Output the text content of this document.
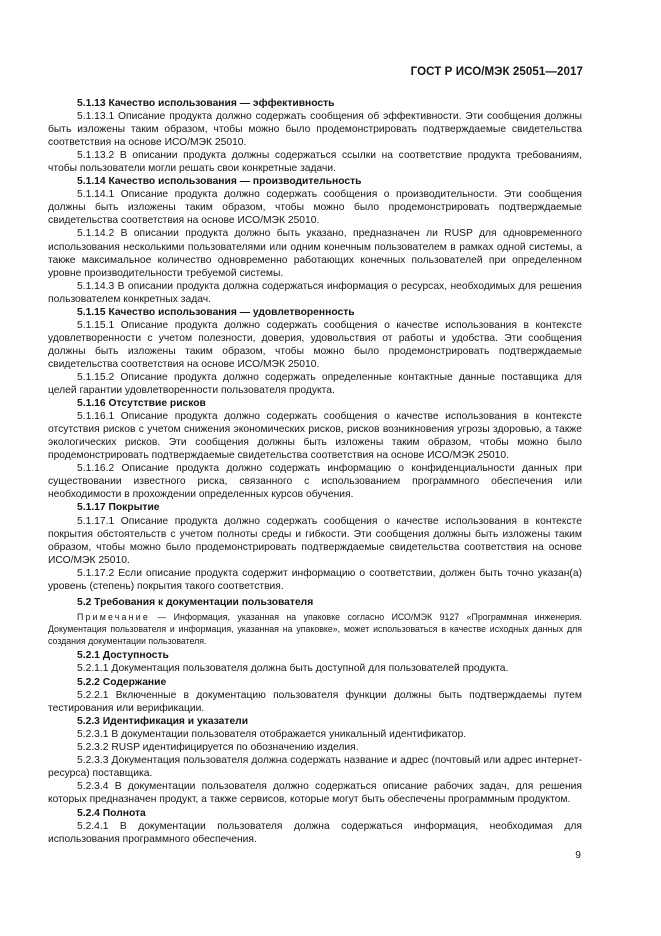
ГОСТ Р ИСО/МЭК 25051—2017
5.1.13 Качество использования — эффективность
5.1.13.1 Описание продукта должно содержать сообщения об эффективности. Эти сообщения должны быть изложены таким образом, чтобы можно было продемонстрировать подтверждаемые свидетельства соответствия на основе ИСО/МЭК 25010.
5.1.13.2 В описании продукта должны содержаться ссылки на соответствие продукта требованиям, чтобы пользователи могли решать свои конкретные задачи.
5.1.14 Качество использования — производительность
5.1.14.1 Описание продукта должно содержать сообщения о производительности. Эти сообщения должны быть изложены таким образом, чтобы можно было продемонстрировать подтверждаемые свидетельства соответствия на основе ИСО/МЭК 25010.
5.1.14.2 В описании продукта должно быть указано, предназначен ли RUSP для одновременного использования несколькими пользователями или одним конечным пользователем в рамках одной системы, а также максимальное количество одновременно работающих конечных пользователей при определенном уровне производительности требуемой системы.
5.1.14.3 В описании продукта должна содержаться информация о ресурсах, необходимых для решения пользователем конкретных задач.
5.1.15 Качество использования — удовлетворенность
5.1.15.1 Описание продукта должно содержать сообщения о качестве использования в контексте удовлетворенности с учетом полезности, доверия, удовольствия от работы и удобства. Эти сообщения должны быть изложены таким образом, чтобы можно было продемонстрировать подтверждаемые свидетельства соответствия на основе ИСО/МЭК 25010.
5.1.15.2 Описание продукта должно содержать определенные контактные данные поставщика для целей гарантии удовлетворенности пользователя продукта.
5.1.16 Отсутствие рисков
5.1.16.1 Описание продукта должно содержать сообщения о качестве использования в контексте отсутствия рисков с учетом снижения экономических рисков, рисков возникновения угрозы здоровью, а также экологических рисков. Эти сообщения должны быть изложены таким образом, чтобы можно было продемонстрировать подтверждаемые свидетельства соответствия на основе ИСО/МЭК 25010.
5.1.16.2 Описание продукта должно содержать информацию о конфиденциальности данных при существовании известного риска, связанного с использованием программного обеспечения или необходимости в прохождении определенных курсов обучения.
5.1.17 Покрытие
5.1.17.1 Описание продукта должно содержать сообщения о качестве использования в контексте покрытия обстоятельств с учетом полноты среды и гибкости. Эти сообщения должны быть изложены таким образом, чтобы можно было продемонстрировать подтверждаемые свидетельства соответствия на основе ИСО/МЭК 25010.
5.1.17.2 Если описание продукта содержит информацию о соответствии, должен быть точно указан(а) уровень (степень) покрытия такого соответствия.
5.2 Требования к документации пользователя
Примечание — Информация, указанная на упаковке согласно ИСО/МЭК 9127 «Программная инженерия. Документация пользователя и информация, указанная на упаковке», может использоваться в качестве исходных данных для создания документации пользователя.
5.2.1 Доступность
5.2.1.1 Документация пользователя должна быть доступной для пользователей продукта.
5.2.2 Содержание
5.2.2.1 Включенные в документацию пользователя функции должны быть подтверждаемы путем тестирования или верификации.
5.2.3 Идентификация и указатели
5.2.3.1 В документации пользователя отображается уникальный идентификатор.
5.2.3.2 RUSP идентифицируется по обозначению изделия.
5.2.3.3 Документация пользователя должна содержать название и адрес (почтовый или адрес интернет-ресурса) поставщика.
5.2.3.4 В документации пользователя должно содержаться описание рабочих задач, для решения которых предназначен продукт, а также сервисов, которые могут быть обеспечены программным продуктом.
5.2.4 Полнота
5.2.4.1 В документации пользователя должна содержаться информация, необходимая для использования программного обеспечения.
9
